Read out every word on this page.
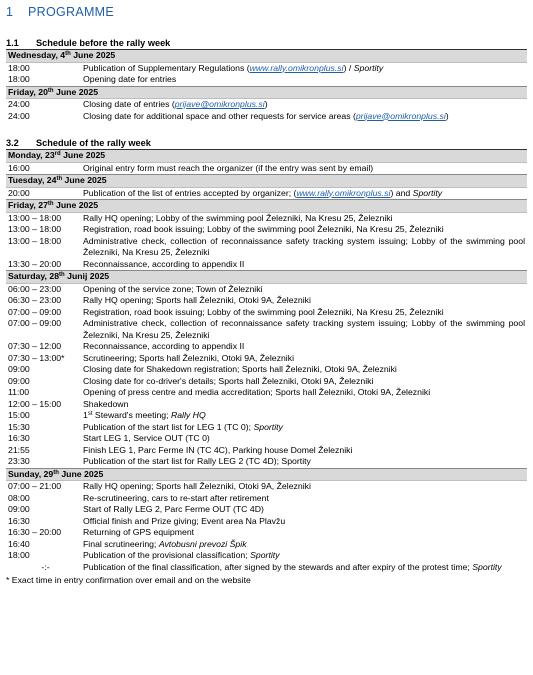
1 PROGRAMME
1.1 Schedule before the rally week
Wednesday, 4th June 2025
18:00	Publication of Supplementary Regulations (www.rally.omikronplus.si) / Sportity
18:00	Opening date for entries
Friday, 20th June 2025
24:00	Closing date of entries (prijave@omikronplus.si)
24:00	Closing date for additional space and other requests for service areas (prijave@omikronplus.si)
3.2 Schedule of the rally week
Monday, 23rd June 2025
16:00	Original entry form must reach the organizer (if the entry was sent by email)
Tuesday, 24th June 2025
20:00	Publication of the list of entries accepted by organizer; (www.rally.omikronplus.si) and Sportity
Friday, 27th June 2025
13:00 – 18:00	Rally HQ opening; Lobby of the swimming pool Železniki, Na Kresu 25, Železniki
13:00 – 18:00	Registration, road book issuing; Lobby of the swimming pool Železniki, Na Kresu 25, Železniki
13:00 – 18:00	Administrative check, collection of reconnaissance safety tracking system issuing; Lobby of the swimming pool Železniki, Na Kresu 25, Železniki
13:30 – 20:00	Reconnaissance, according to appendix II
Saturday, 28th Junij 2025
06:00 – 23:00	Opening of the service zone; Town of Železniki
06:30 – 23:00	Rally HQ opening; Sports hall Železniki, Otoki 9A, Železniki
07:00 – 09:00	Registration, road book issuing; Lobby of the swimming pool Železniki, Na Kresu 25, Železniki
07:00 – 09:00	Administrative check, collection of reconnaissance safety tracking system issuing; Lobby of the swimming pool Železniki, Na Kresu 25, Železniki
07:30 – 12:00	Reconnaissance, according to appendix II
07:30 – 13:00*	Scrutineering; Sports hall Železniki, Otoki 9A, Železniki
09:00	Closing date for Shakedown registration; Sports hall Železniki, Otoki 9A, Železniki
09:00	Closing date for co-driver's details; Sports hall Železniki, Otoki 9A, Železniki
11:00	Opening of press centre and media accreditation; Sports hall Železniki, Otoki 9A, Železniki
12:00 – 15:00	Shakedown
15:00	1st Steward's meeting; Rally HQ
15:30	Publication of the start list for LEG 1 (TC 0); Sportity
16:30	Start LEG 1, Service OUT (TC 0)
21:55	Finish LEG 1, Parc Ferme IN (TC 4C), Parking house Domel Železniki
23:30	Publication of the start list for Rally LEG 2 (TC 4D); Sportity
Sunday, 29th June 2025
07:00 – 21:00	Rally HQ opening; Sports hall Železniki, Otoki 9A, Železniki
08:00	Re-scrutineering, cars to re-start after retirement
09:00	Start of Rally LEG 2, Parc Ferme OUT (TC 4D)
16:30	Official finish and Prize giving; Event area Na Plavžu
16:30 – 20:00	Returning of GPS equipment
16:40	Final scrutineering; Avtobusni prevozi Špik
18:00	Publication of the provisional classification; Sportity
-:-	Publication of the final classification, after signed by the stewards and after expiry of the protest time; Sportity
* Exact time in entry confirmation over email and on the website
